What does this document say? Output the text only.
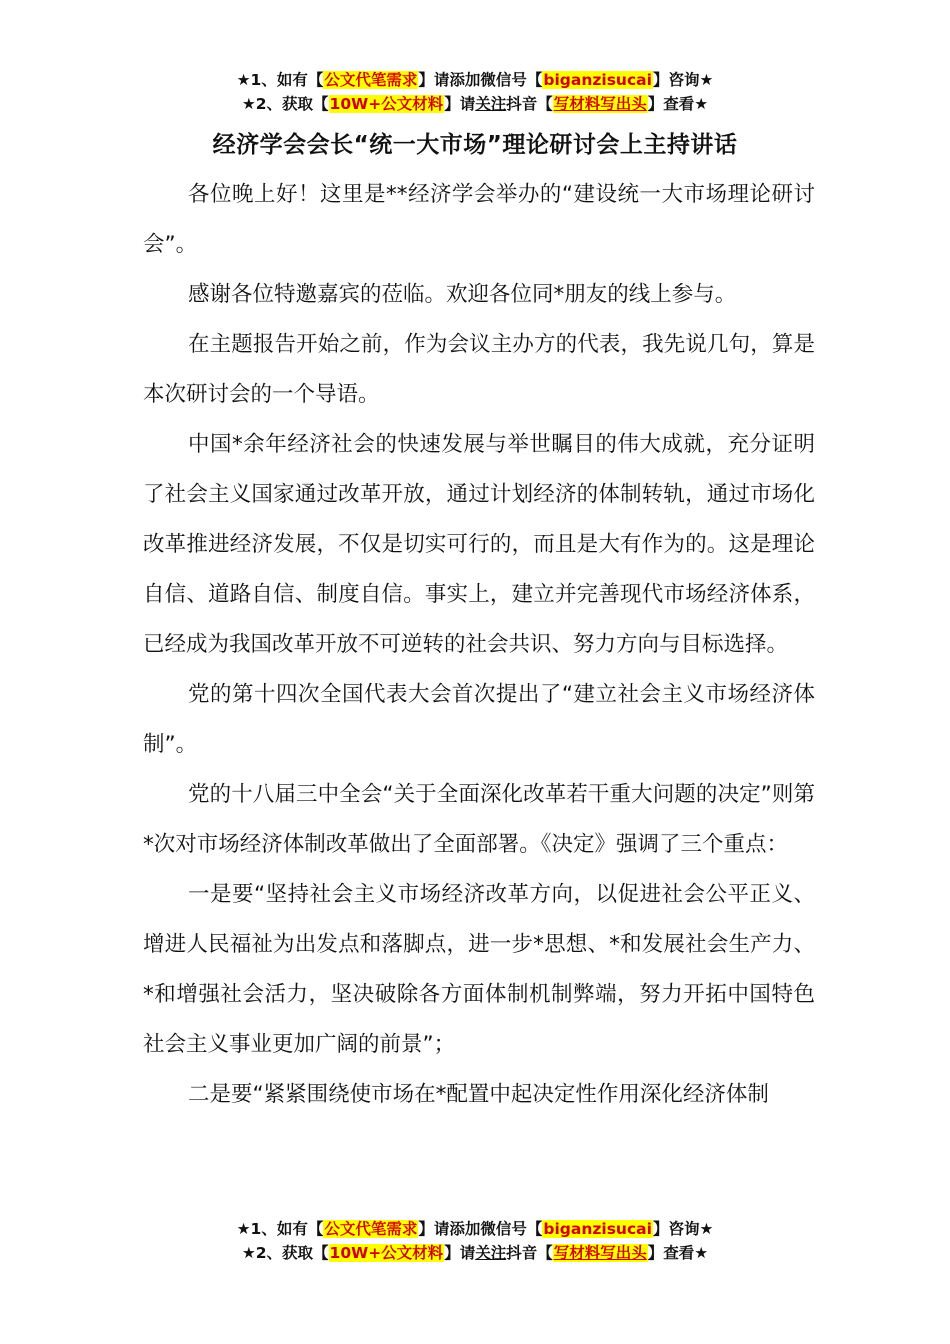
★1、如有【公文代笔需求】请添加微信号【biganzisucai】咨询★
★2、获取【10W+公文材料】请关注抖音【写材料写出头】查看★
经济学会会长“统一大市场”理论研讨会上主持讲话

各位晚上好！这里是**经济学会举办的“建设统一大市场理论研讨会”。

感谢各位特邀嘉宾的莅临。欢迎各位同*朋友的线上参与。

在主题报告开始之前，作为会议主办方的代表，我先说几句，算是本次研讨会的一个导语。

中国*余年经济社会的快速发展与举世瞩目的伟大成就，充分证明了社会主义国家通过改革开放，通过计划经济的体制转轨，通过市场化改革推进经济发展，不仅是切实可行的，而且是大有作为的。这是理论自信、道路自信、制度自信。事实上，建立并完善现代市场经济体系，已经成为我国改革开放不可逆转的社会共识、努力方向与目标选择。

党的第十四次全国代表大会首次提出了“建立社会主义市场经济体制”。

党的十八届三中全会“关于全面深化改革若干重大问题的决定”则第*次对市场经济体制改革做出了全面部署。《决定》强调了三个重点：

一是要“坚持社会主义市场经济改革方向，以促进社会公平正义、增进人民福祉为出发点和落脚点，进一步*思想、*和发展社会生产力、*和增强社会活力，坚决破除各方面体制机制弊端，努力开拓中国特色社会主义事业更加广阔的前景”；

二是要“紧紧围绕使市场在*配置中起决定性作用深化经济体制

★1、如有【公文代笔需求】请添加微信号【biganzisucai】咨询★
★2、获取【10W+公文材料】请关注抖音【写材料写出头】查看★
